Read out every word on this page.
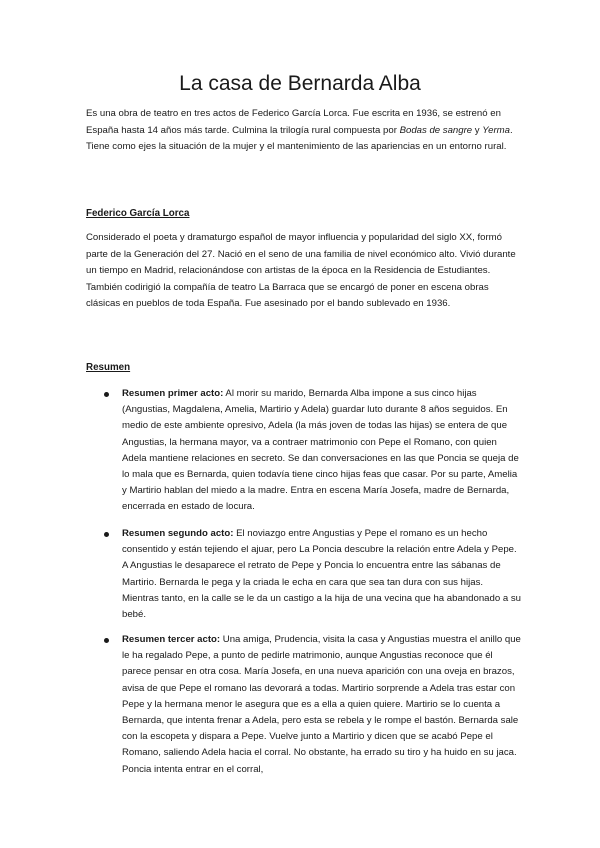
La casa de Bernarda Alba

Es una obra de teatro en tres actos de Federico García Lorca. Fue escrita en 1936, se estrenó en España hasta 14 años más tarde. Culmina la trilogía rural compuesta por Bodas de sangre y Yerma. Tiene como ejes la situación de la mujer y el mantenimiento de las apariencias en un entorno rural.

Federico García Lorca

Considerado el poeta y dramaturgo español de mayor influencia y popularidad del siglo XX, formó parte de la Generación del 27. Nació en el seno de una familia de nivel económico alto. Vivió durante un tiempo en Madrid, relacionándose con artistas de la época en la Residencia de Estudiantes. También codirigió la compañía de teatro La Barraca que se encargó de poner en escena obras clásicas en pueblos de toda España. Fue asesinado por el bando sublevado en 1936.

Resumen

Resumen primer acto: Al morir su marido, Bernarda Alba impone a sus cinco hijas (Angustias, Magdalena, Amelia, Martirio y Adela) guardar luto durante 8 años seguidos. En medio de este ambiente opresivo, Adela (la más joven de todas las hijas) se entera de que Angustias, la hermana mayor, va a contraer matrimonio con Pepe el Romano, con quien Adela mantiene relaciones en secreto. Se dan conversaciones en las que Poncia se queja de lo mala que es Bernarda, quien todavía tiene cinco hijas feas que casar. Por su parte, Amelia y Martirio hablan del miedo a la madre. Entra en escena María Josefa, madre de Bernarda, encerrada en estado de locura.

Resumen segundo acto: El noviazgo entre Angustias y Pepe el romano es un hecho consentido y están tejiendo el ajuar, pero La Poncia descubre la relación entre Adela y Pepe. A Angustias le desaparece el retrato de Pepe y Poncia lo encuentra entre las sábanas de Martirio. Bernarda le pega y la criada le echa en cara que sea tan dura con sus hijas. Mientras tanto, en la calle se le da un castigo a la hija de una vecina que ha abandonado a su bebé.

Resumen tercer acto: Una amiga, Prudencia, visita la casa y Angustias muestra el anillo que le ha regalado Pepe, a punto de pedirle matrimonio, aunque Angustias reconoce que él parece pensar en otra cosa. María Josefa, en una nueva aparición con una oveja en brazos, avisa de que Pepe el romano las devorará a todas. Martirio sorprende a Adela tras estar con Pepe y la hermana menor le asegura que es a ella a quien quiere. Martirio se lo cuenta a Bernarda, que intenta frenar a Adela, pero esta se rebela y le rompe el bastón. Bernarda sale con la escopeta y dispara a Pepe. Vuelve junto a Martirio y dicen que se acabó Pepe el Romano, saliendo Adela hacia el corral. No obstante, ha errado su tiro y ha huido en su jaca. Poncia intenta entrar en el corral,
